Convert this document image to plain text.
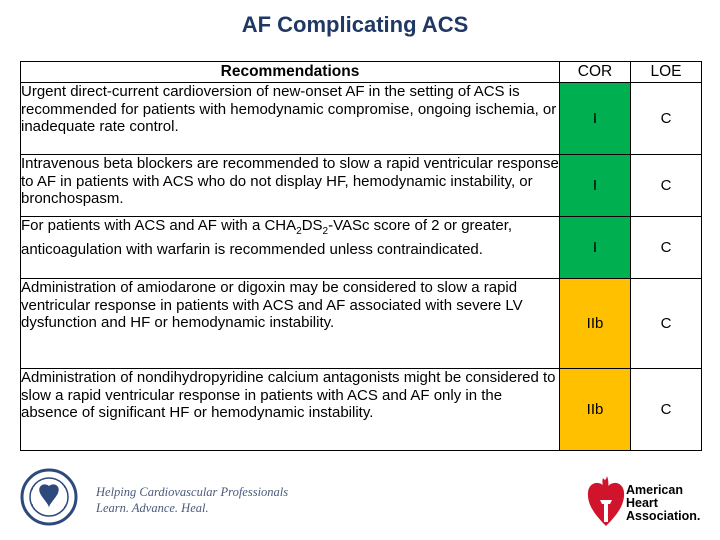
AF Complicating ACS
Recommendations	COR	LOE
Urgent direct-current cardioversion of new-onset AF in the setting of ACS is recommended for patients with hemodynamic compromise, ongoing ischemia, or inadequate rate control.	I	C
Intravenous beta blockers are recommended to slow a rapid ventricular response to AF in patients with ACS who do not display HF, hemodynamic instability, or bronchospasm.	I	C
For patients with ACS and AF with a $CHA_2DS_2$-VASc score of 2 or greater, anticoagulation with warfarin is recommended unless contraindicated.	I	C
Administration of amiodarone or digoxin may be considered to slow a rapid ventricular response in patients with ACS and AF associated with severe LV dysfunction and HF or hemodynamic instability.	IIb	C
Administration of nondihydropyridine calcium antagonists might be considered to slow a rapid ventricular response in patients with ACS and AF only in the absence of significant HF or hemodynamic instability.	IIb	C
Helping Cardiovascular Professionals
Learn. Advance. Heal.
American
Heart
Association.
